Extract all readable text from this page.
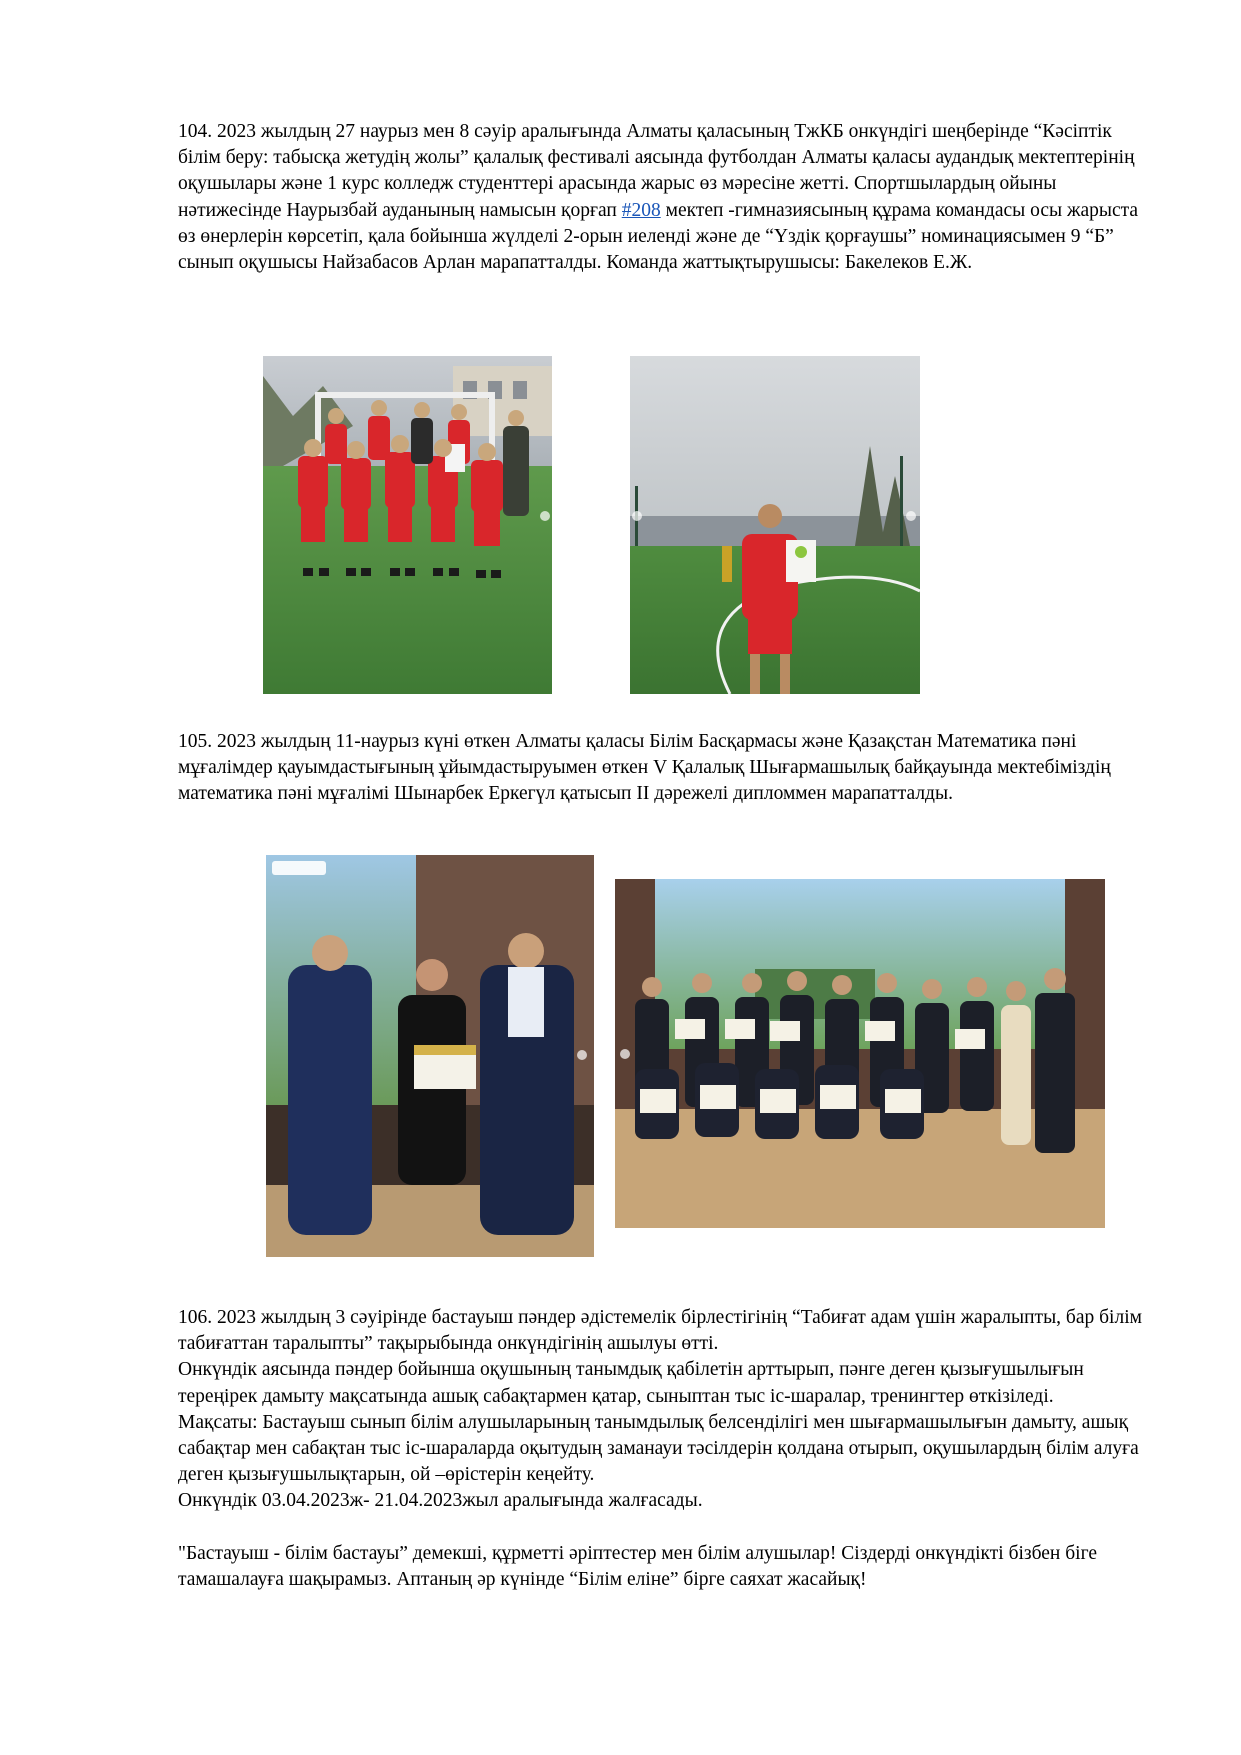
104. 2023 жылдың 27 наурыз мен 8 сәуір аралығында Алматы қаласының ТжКБ онкүндігі шеңберінде “Кәсіптік білім беру: табысқа жетудің жолы” қалалық фестивалі аясында футболдан Алматы қаласы аудандық мектептерінің оқушылары және 1 курс колледж студенттері арасында жарыс өз мәресіне жетті. Спортшылардың ойыны нәтижесінде Наурызбай ауданының намысын қорғап #208 мектеп -гимназиясының құрама командасы осы жарыста өз өнерлерін көрсетіп, қала бойынша жүлделі 2-орын иеленді және де “Үздік қорғаушы” номинациясымен 9 “Б” сынып оқушысы Найзабасов Арлан марапатталды. Команда жаттықтырушысы: Бакелеков Е.Ж.

105. 2023 жылдың 11-наурыз күні өткен Алматы қаласы Білім Басқармасы және Қазақстан Математика пәні мұғалімдер қауымдастығының ұйымдастыруымен өткен V Қалалық Шығармашылық байқауында мектебіміздің математика пәні мұғалімі Шынарбек Еркегүл қатысып ІІ дәрежелі дипломмен марапатталды.

106. 2023 жылдың 3 сәуірінде бастауыш пәндер әдістемелік бірлестігінің “Табиғат адам үшін жаралыпты, бар білім табиғаттан таралыпты” тақырыбында онкүндігінің ашылуы өтті.

Онкүндік аясында пәндер бойынша оқушының танымдық қабілетін арттырып, пәнге деген қызығушылығын тереңірек дамыту мақсатында ашық сабақтармен қатар, сыныптан тыс іс-шаралар, тренингтер өткізіледі.

Мақсаты: Бастауыш сынып білім алушыларының танымдылық белсенділігі мен шығармашылығын дамыту, ашық сабақтар мен сабақтан тыс іс-шараларда оқытудың заманауи тәсілдерін қолдана отырып, оқушылардың білім алуға деген қызығушылықтарын, ой –өрістерін кеңейту.

Онкүндік 03.04.2023ж- 21.04.2023жыл аралығында жалғасады.

"Бастауыш - білім бастауы” демекші, құрметті әріптестер мен білім алушылар! Сіздерді онкүндікті бізбен біге тамашалауға шақырамыз. Аптаның әр күнінде “Білім еліне” бірге саяхат жасайық!
